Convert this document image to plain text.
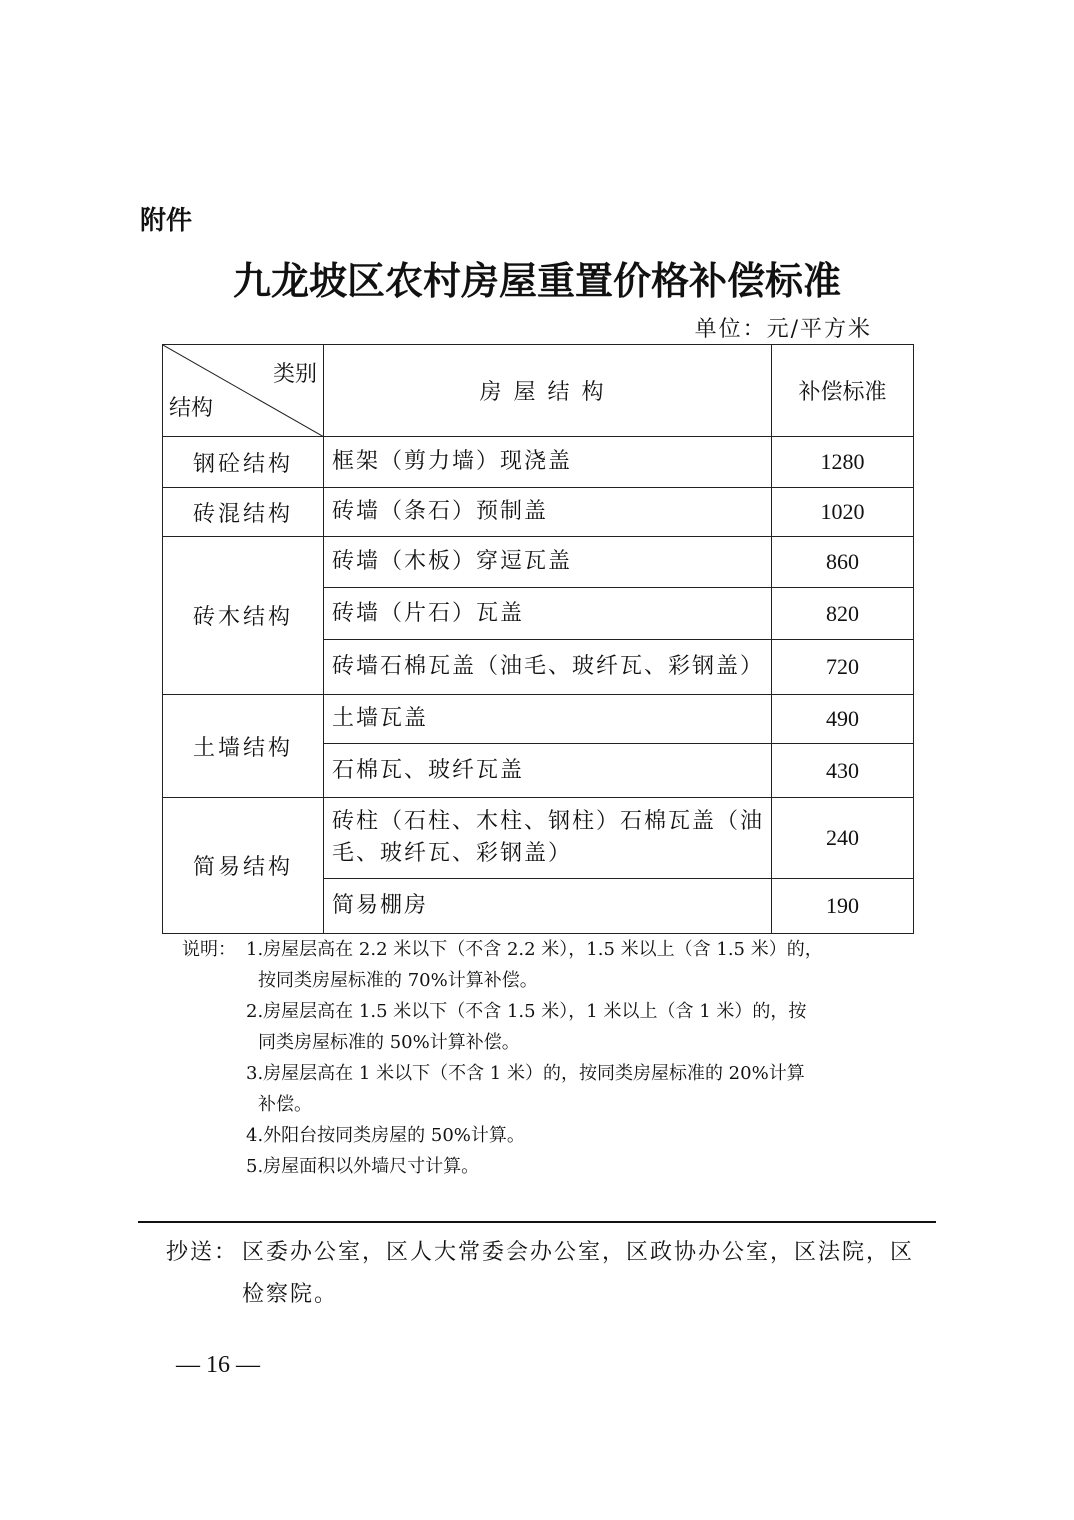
附件
九龙坡区农村房屋重置价格补偿标准
单位：元/平方米
类别
结构	房屋结构	补偿标准
钢砼结构	框架（剪力墙）现浇盖	1280
砖混结构	砖墙（条石）预制盖	1020
砖木结构	砖墙（木板）穿逗瓦盖	860
	砖墙（片石）瓦盖	820
	砖墙石棉瓦盖（油毛、玻纤瓦、彩钢盖）	720
土墙结构	土墙瓦盖	490
	石棉瓦、玻纤瓦盖	430
简易结构	砖柱（石柱、木柱、钢柱）石棉瓦盖（油毛、玻纤瓦、彩钢盖）	240
	简易棚房	190
说明： 1.房屋层高在 2.2 米以下（不含 2.2 米），1.5 米以上（含 1.5 米）的，
按同类房屋标准的 70%计算补偿。
2.房屋层高在 1.5 米以下（不含 1.5 米），1 米以上（含 1 米）的，按
同类房屋标准的 50%计算补偿。
3.房屋层高在 1 米以下（不含 1 米）的，按同类房屋标准的 20%计算
补偿。
4.外阳台按同类房屋的 50%计算。
5.房屋面积以外墙尺寸计算。
抄送： 区委办公室，区人大常委会办公室，区政协办公室，区法院，区检察院。
— 16 —
